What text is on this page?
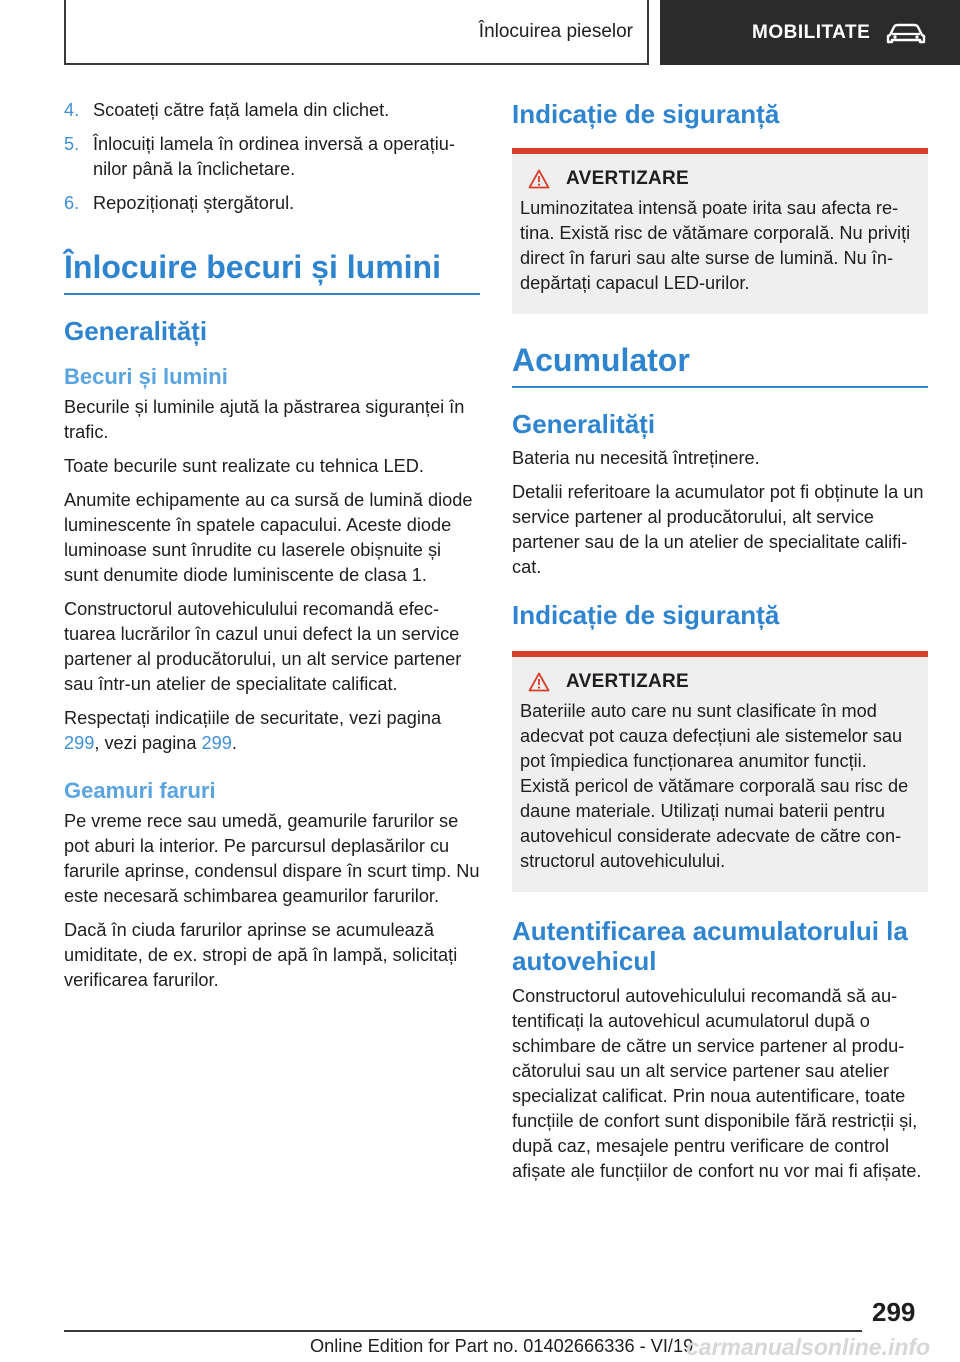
Înlocuirea pieselor	MOBILITATE
4. Scoateți către față lamela din clichet.
5. Înlocuiți lamela în ordinea inversă a operațiunilor până la înclichetare.
6. Repoziționați ștergătorul.
Înlocuire becuri și lumini
Generalități
Becuri și lumini

Becurile și luminile ajută la păstrarea siguranței în trafic.

Toate becurile sunt realizate cu tehnica LED.

Anumite echipamente au ca sursă de lumină diode luminescente în spatele capacului. Aceste diode luminoase sunt înrudite cu laserele obișnuite și sunt denumite diode luminiscente de clasa 1.

Constructorul autovehiculului recomandă efectuarea lucrărilor în cazul unui defect la un service partener al producătorului, un alt service partener sau într-un atelier de specialitate calificat.

Respectați indicațiile de securitate, vezi pagina 299, vezi pagina 299.

Geamuri faruri

Pe vreme rece sau umedă, geamurile farurilor se pot aburi la interior. Pe parcursul deplasărilor cu farurile aprinse, condensul dispare în scurt timp. Nu este necesară schimbarea geamurilor farurilor.

Dacă în ciuda farurilor aprinse se acumulează umiditate, de ex. stropi de apă în lampă, solicitați verificarea farurilor.

Indicație de siguranță
AVERTIZARE

Luminozitatea intensă poate irita sau afecta retina. Există risc de vătămare corporală. Nu priviți direct în faruri sau alte surse de lumină. Nu îndepărtați capacul LED-urilor.

Acumulator
Generalități

Bateria nu necesită întreținere.

Detalii referitoare la acumulator pot fi obținute la un service partener al producătorului, alt service partener sau de la un atelier de specialitate calificat.

Indicație de siguranță
AVERTIZARE

Bateriile auto care nu sunt clasificate în mod adecvat pot cauza defecțiuni ale sistemelor sau pot împiedica funcționarea anumitor funcții. Există pericol de vătămare corporală sau risc de daune materiale. Utilizați numai baterii pentru autovehicul considerate adecvate de către constructorul autovehiculului.

Autentificarea acumulatorului la autovehicul

Constructorul autovehiculului recomandă să autentificați la autovehicul acumulatorul după o schimbare de către un service partener al producătorului sau un alt service partener sau atelier specializat calificat. Prin noua autentificare, toate funcțiile de confort sunt disponibile fără restricții și, după caz, mesajele pentru verificare de control afișate ale funcțiilor de confort nu vor mai fi afișate.

299
Online Edition for Part no. 01402666336 - VI/19
carmanualsonline.info
